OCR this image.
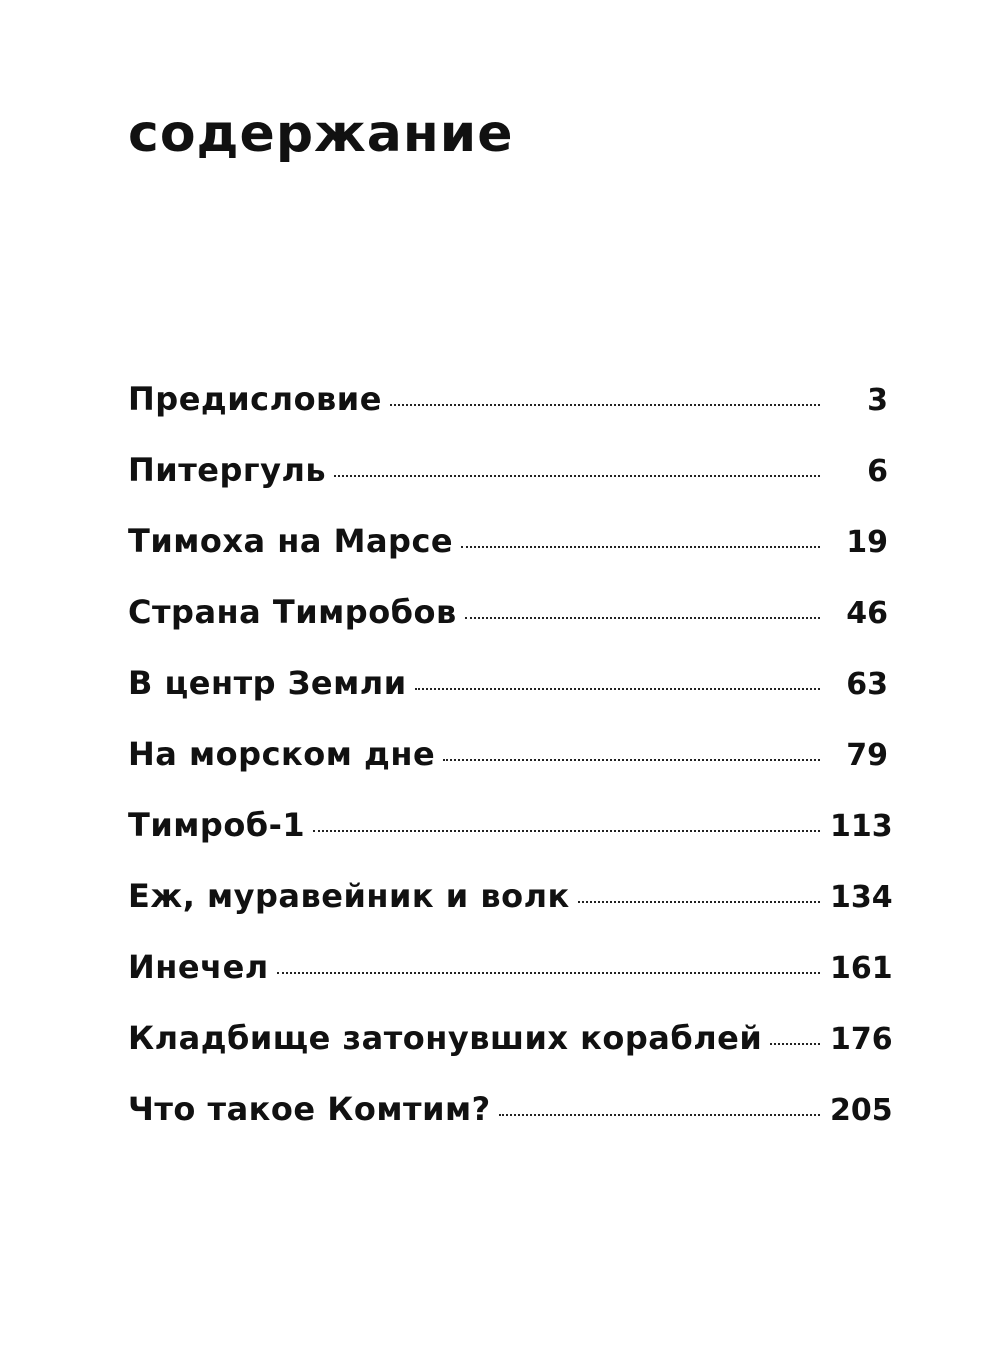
содержание
Предисловие	3
Питергуль	6
Тимоха на Марсе	19
Страна Тимробов	46
В центр Земли	63
На морском дне	79
Тимроб-1	113
Еж, муравейник и волк	134
Инечел	161
Кладбище затонувших кораблей 176
Что такое Комтим?	205
